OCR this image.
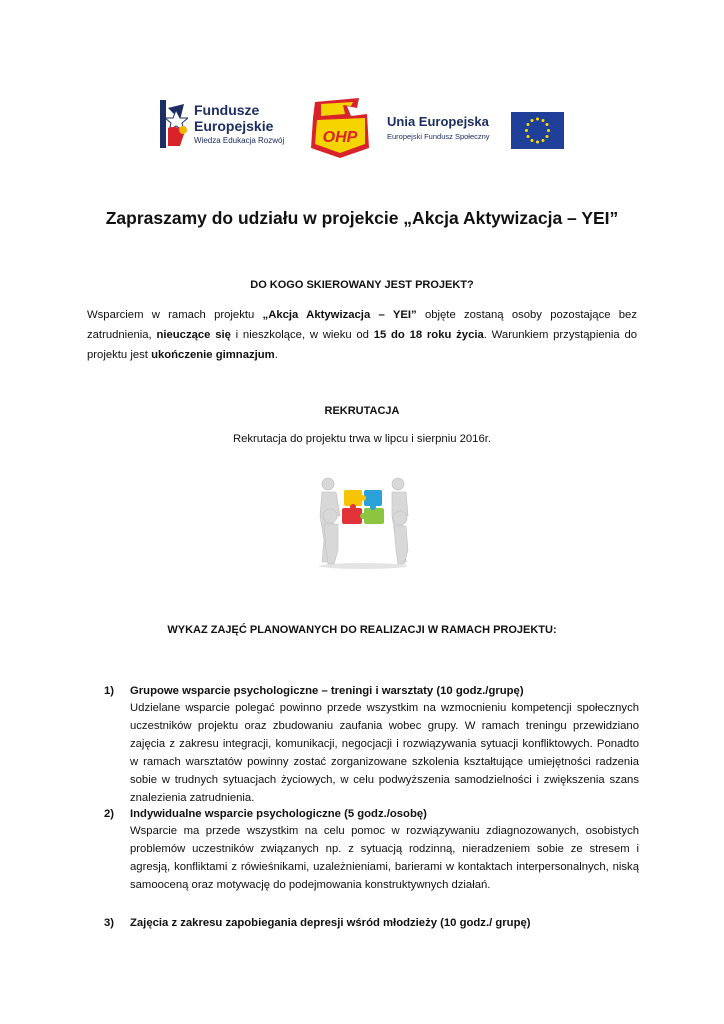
Fundusze
Europejskie
Wiedza Edukacja Rozwój OHP
Unia Europejska
Europejski Fundusz Społeczny
Zapraszamy do udziału w projekcie „Akcja Aktywizacja – YEI”
DO KOGO SKIEROWANY JEST PROJEKT?
Wsparciem w ramach projektu „Akcja Aktywizacja – YEI” objęte zostaną osoby pozostające bez zatrudnienia, nieuczące się i nieszkolące, w wieku od 15 do 18 roku życia. Warunkiem przystąpienia do projektu jest ukończenie gimnazjum.
REKRUTACJA
Rekrutacja do projektu trwa w lipcu i sierpniu 2016r.
WYKAZ ZAJĘĆ PLANOWANYCH DO REALIZACJI W RAMACH PROJEKTU:
1) Grupowe wsparcie psychologiczne – treningi i warsztaty (10 godz./grupę)
Udzielane wsparcie polegać powinno przede wszystkim na wzmocnieniu kompetencji społecznych uczestników projektu oraz zbudowaniu zaufania wobec grupy. W ramach treningu przewidziano zajęcia z zakresu integracji, komunikacji, negocjacji i rozwiązywania sytuacji konfliktowych. Ponadto w ramach warsztatów powinny zostać zorganizowane szkolenia kształtujące umiejętności radzenia sobie w trudnych sytuacjach życiowych, w celu podwyższenia samodzielności i zwiększenia szans znalezienia zatrudnienia.
2) Indywidualne wsparcie psychologiczne (5 godz./osobę)
Wsparcie ma przede wszystkim na celu pomoc w rozwiązywaniu zdiagnozowanych, osobistych problemów uczestników związanych np. z sytuacją rodzinną, nieradzeniem sobie ze stresem i agresją, konfliktami z rówieśnikami, uzależnieniami, barierami w kontaktach interpersonalnych, niską samooceną oraz motywację do podejmowania konstruktywnych działań.
3) Zajęcia z zakresu zapobiegania depresji wśród młodzieży (10 godz./ grupę)
